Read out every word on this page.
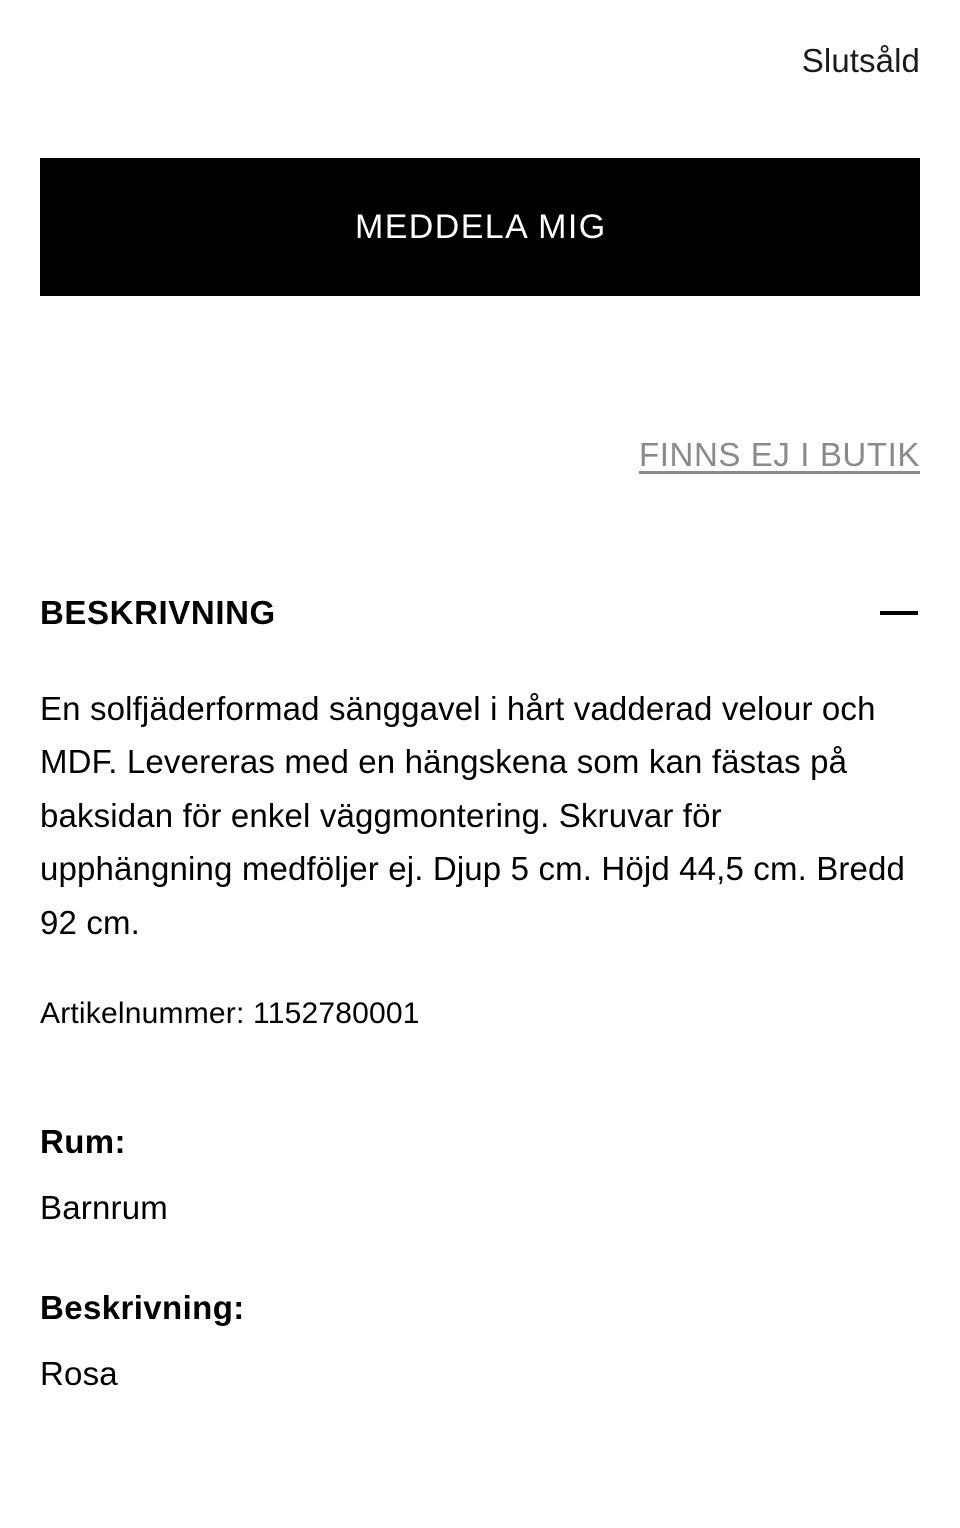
Slutsåld
MEDDELA MIG
FINNS EJ I BUTIK
BESKRIVNING
En solfjäderformad sänggavel i hårt vadderad velour och MDF. Levereras med en hängskena som kan fästas på baksidan för enkel väggmontering. Skruvar för upphängning medföljer ej. Djup 5 cm. Höjd 44,5 cm. Bredd 92 cm.
Artikelnummer: 1152780001
Rum:
Barnrum
Beskrivning:
Rosa
